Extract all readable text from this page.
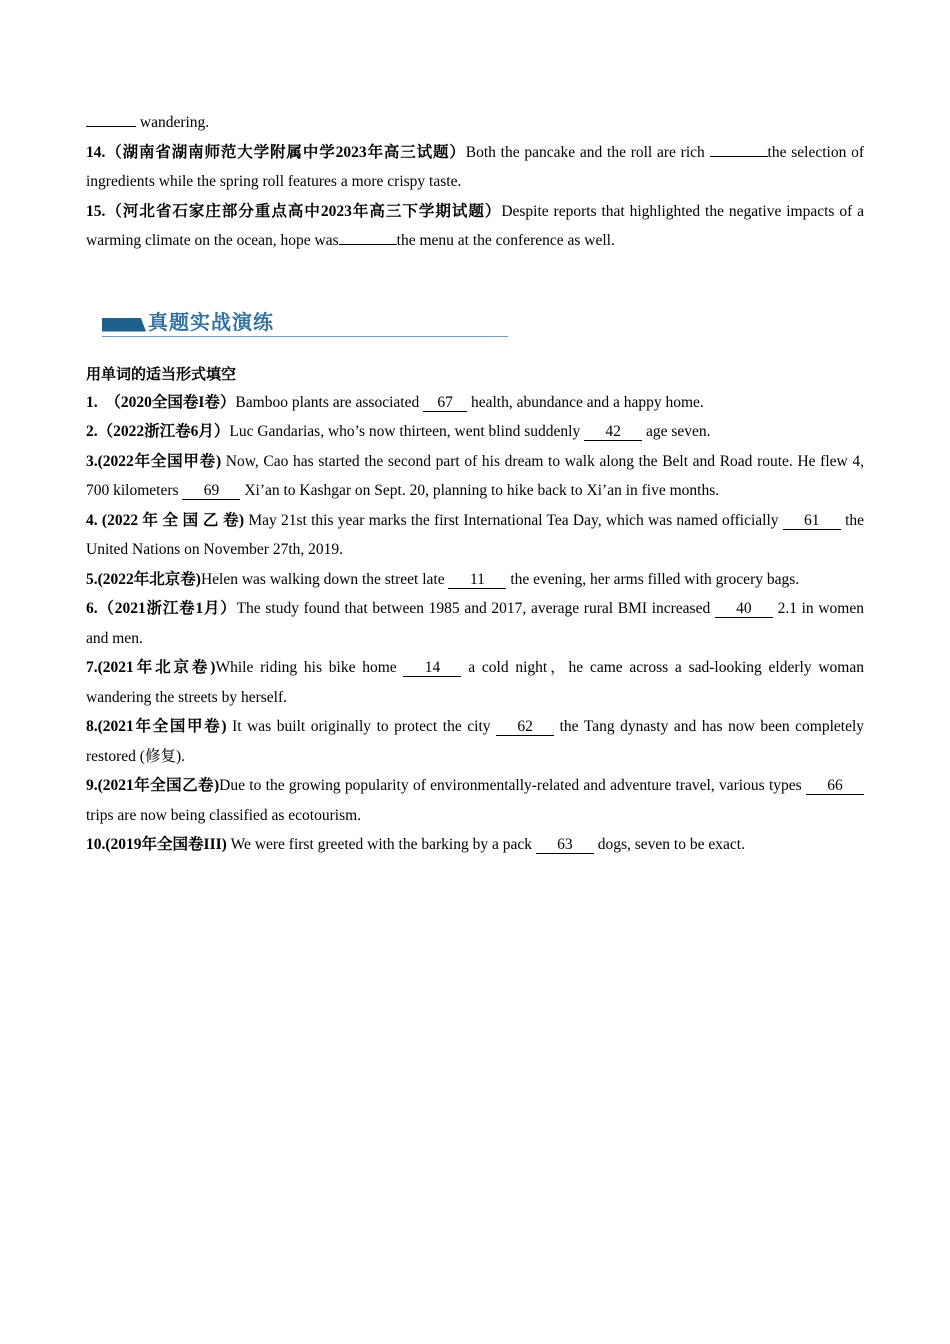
wandering.

14.（湖南省湖南师范大学附属中学2023年高三试题）Both the pancake and the roll are rich	the selection of ingredients while the spring roll features a more crispy taste.

15.（河北省石家庄部分重点高中2023年高三下学期试题）Despite reports that highlighted the negative impacts of a warming climate on the ocean, hope was	the menu at the conference as well.

真题实战演练

用单词的适当形式填空

1. （2020全国卷I卷）Bamboo plants are associated 67 health, abundance and a happy home.

2.（2022浙江卷6月）Luc Gandarias, who’s now thirteen, went blind suddenly 42 age seven.

3.(2022年全国甲卷) Now, Cao has started the second part of his dream to walk along the Belt and Road route. He flew 4, 700 kilometers 69 Xi’an to Kashgar on Sept. 20, planning to hike back to Xi’an in five months.

4. (2022 年 全 国 乙 卷) May 21st this year marks the first International Tea Day, which was named officially 61 the United Nations on November 27th, 2019.

5.(2022年北京卷)Helen was walking down the street late 11 the evening, her arms filled with grocery bags.

6.（2021浙江卷1月）The study found that between 1985 and 2017, average rural BMI increased 40 2.1 in women and men.

7.(2021年北京卷)While riding his bike home 14 a cold night，he came across a sad-looking elderly woman wandering the streets by herself.

8.(2021年全国甲卷) It was built originally to protect the city 62 the Tang dynasty and has now been completely restored (修复).

9.(2021年全国乙卷)Due to the growing popularity of environmentally-related and adventure travel, various types 66 trips are now being classified as ecotourism.

10.(2019年全国卷III) We were first greeted with the barking by a pack 63 dogs, seven to be exact.
